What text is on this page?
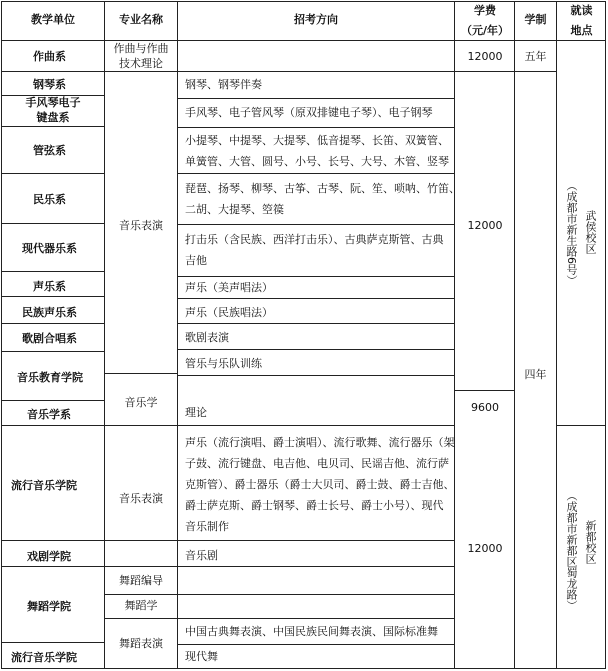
教学单位	专业名称	招考方向
学费
（元/年）
学制
就读
地点
作曲系
钢琴系
手风琴电子
键盘系
管弦系
民乐系
现代器乐系
声乐系
民族声乐系
歌剧合唱系
音乐教育学院
音乐学系
流行音乐学院
戏剧学院
舞蹈学院
流行音乐学院
作曲与作曲
技术理论
音乐表演
音乐学
音乐表演
舞蹈编导
舞蹈学
舞蹈表演
钢琴、钢琴伴奏
手风琴、电子管风琴（原双排键电子琴）、电子钢琴
小提琴、中提琴、大提琴、低音提琴、长笛、双簧管、
单簧管、大管、圆号、小号、长号、大号、木管、竖琴
琵琶、扬琴、柳琴、古筝、古琴、阮、笙、唢呐、竹笛、
二胡、大提琴、箜篌
打击乐（含民族、西洋打击乐）、古典萨克斯管、古典
吉他
声乐（美声唱法）
声乐（民族唱法）
歌剧表演
管乐与乐队训练
理论
声乐（流行演唱、爵士演唱）、流行歌舞、流行器乐（架
子鼓、流行键盘、电吉他、电贝司、民谣吉他、流行萨
克斯管）、爵士器乐（爵士大贝司、爵士鼓、爵士吉他、
爵士萨克斯、爵士钢琴、爵士长号、爵士小号）、现代
音乐制作
音乐剧
中国古典舞表演、中国民族民间舞表演、国际标准舞
现代舞
12000
12000
9600
12000
五年
四年
（成都市新生路6号） 武侯校区
（成都市新都区蜀龙路） 新都校区
